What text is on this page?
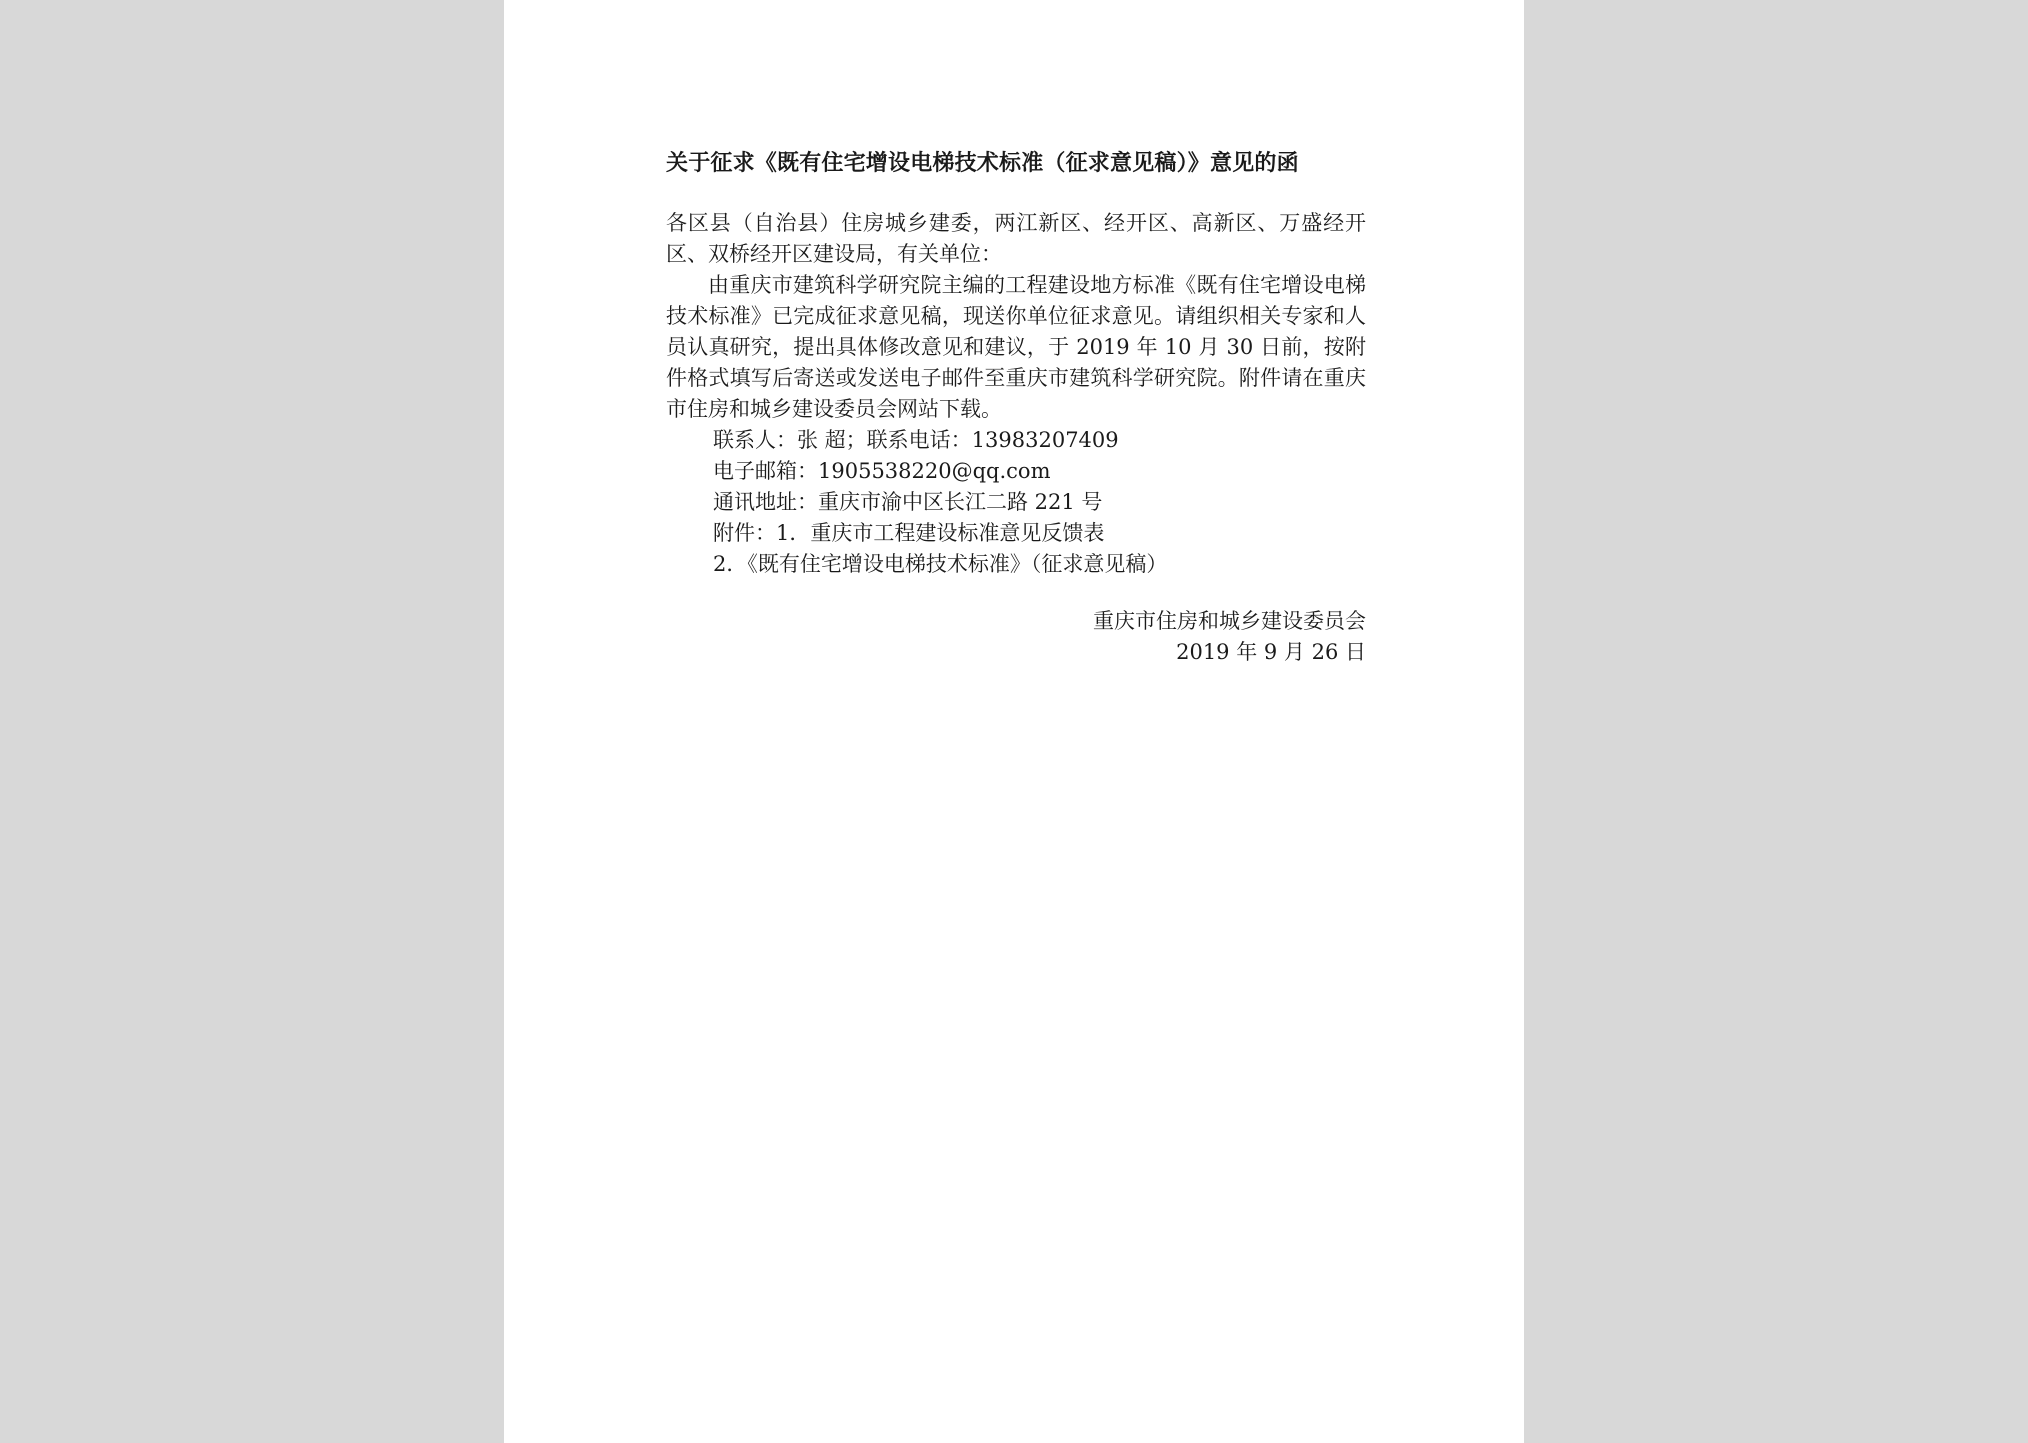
关于征求《既有住宅增设电梯技术标准（征求意见稿）》意见的函
各区县（自治县）住房城乡建委，两江新区、经开区、高新区、万盛经开区、双桥经开区建设局，有关单位：
由重庆市建筑科学研究院主编的工程建设地方标准《既有住宅增设电梯技术标准》已完成征求意见稿，现送你单位征求意见。请组织相关专家和人员认真研究，提出具体修改意见和建议，于 2019 年 10 月 30 日前，按附件格式填写后寄送或发送电子邮件至重庆市建筑科学研究院。附件请在重庆市住房和城乡建设委员会网站下载。
联系人：张 超；联系电话：13983207409
电子邮箱：1905538220@qq.com
通讯地址：重庆市渝中区长江二路 221 号
附件：1．重庆市工程建设标准意见反馈表
2．《既有住宅增设电梯技术标准》（征求意见稿）
重庆市住房和城乡建设委员会
2019 年 9 月 26 日
